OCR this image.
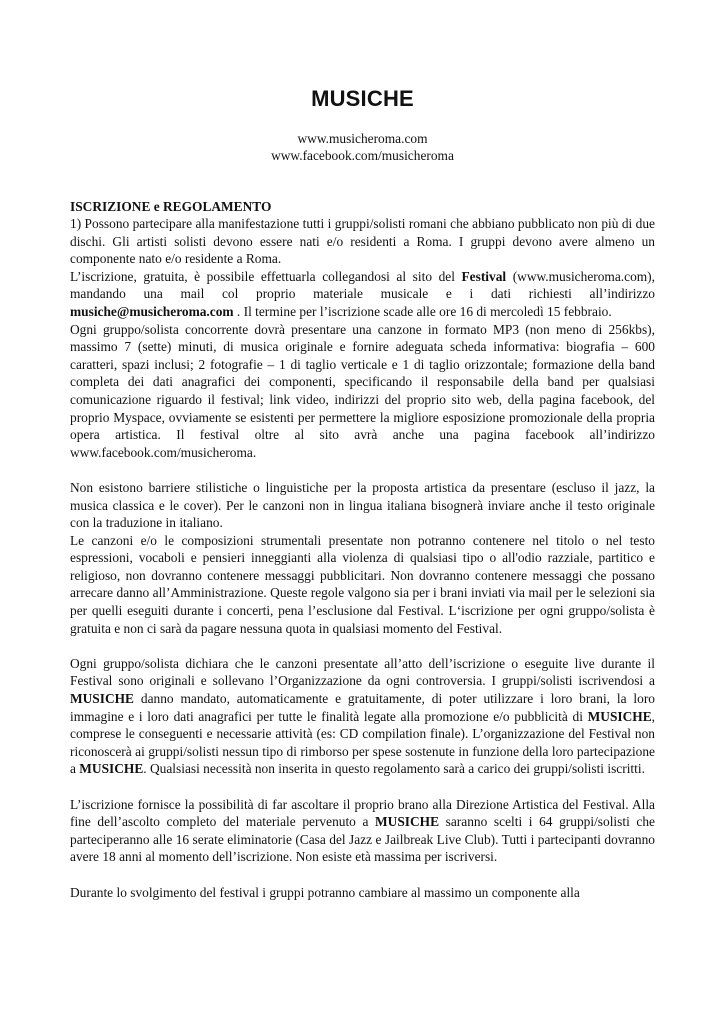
MUSICHE
www.musicheroma.com
www.facebook.com/musicheroma
ISCRIZIONE e REGOLAMENTO

1) Possono partecipare alla manifestazione tutti i gruppi/solisti romani che abbiano pubblicato non più di due dischi. Gli artisti solisti devono essere nati e/o residenti a Roma. I gruppi devono avere almeno un componente nato e/o residente a Roma.

L’iscrizione, gratuita, è possibile effettuarla collegandosi al sito del Festival (www.musicheroma.com), mandando una mail col proprio materiale musicale e i dati richiesti all’indirizzo musiche@musicheroma.com . Il termine per l’iscrizione scade alle ore 16 di mercoledì 15 febbraio.

Ogni gruppo/solista concorrente dovrà presentare una canzone in formato MP3 (non meno di 256kbs), massimo 7 (sette) minuti, di musica originale e fornire adeguata scheda informativa: biografia – 600 caratteri, spazi inclusi; 2 fotografie – 1 di taglio verticale e 1 di taglio orizzontale; formazione della band completa dei dati anagrafici dei componenti, specificando il responsabile della band per qualsiasi comunicazione riguardo il festival; link video, indirizzi del proprio sito web, della pagina facebook, del proprio Myspace, ovviamente se esistenti per permettere la migliore esposizione promozionale della propria opera artistica. Il festival oltre al sito avrà anche una pagina facebook all’indirizzo www.facebook.com/musicheroma.

Non esistono barriere stilistiche o linguistiche per la proposta artistica da presentare (escluso il jazz, la musica classica e le cover). Per le canzoni non in lingua italiana bisognerà inviare anche il testo originale con la traduzione in italiano.

Le canzoni e/o le composizioni strumentali presentate non potranno contenere nel titolo o nel testo espressioni, vocaboli e pensieri inneggianti alla violenza di qualsiasi tipo o all'odio razziale, partitico e religioso, non dovranno contenere messaggi pubblicitari. Non dovranno contenere messaggi che possano arrecare danno all’Amministrazione. Queste regole valgono sia per i brani inviati via mail per le selezioni sia per quelli eseguiti durante i concerti, pena l’esclusione dal Festival. L‘iscrizione per ogni gruppo/solista è gratuita e non ci sarà da pagare nessuna quota in qualsiasi momento del Festival.

Ogni gruppo/solista dichiara che le canzoni presentate all’atto dell’iscrizione o eseguite live durante il Festival sono originali e sollevano l’Organizzazione da ogni controversia. I gruppi/solisti iscrivendosi a MUSICHE danno mandato, automaticamente e gratuitamente, di poter utilizzare i loro brani, la loro immagine e i loro dati anagrafici per tutte le finalità legate alla promozione e/o pubblicità di MUSICHE, comprese le conseguenti e necessarie attività (es: CD compilation finale). L’organizzazione del Festival non riconoscerà ai gruppi/solisti nessun tipo di rimborso per spese sostenute in funzione della loro partecipazione a MUSICHE. Qualsiasi necessità non inserita in questo regolamento sarà a carico dei gruppi/solisti iscritti.

L’iscrizione fornisce la possibilità di far ascoltare il proprio brano alla Direzione Artistica del Festival. Alla fine dell’ascolto completo del materiale pervenuto a MUSICHE saranno scelti i 64 gruppi/solisti che parteciperanno alle 16 serate eliminatorie (Casa del Jazz e Jailbreak Live Club). Tutti i partecipanti dovranno avere 18 anni al momento dell’iscrizione. Non esiste età massima per iscriversi.

Durante lo svolgimento del festival i gruppi potranno cambiare al massimo un componente alla
